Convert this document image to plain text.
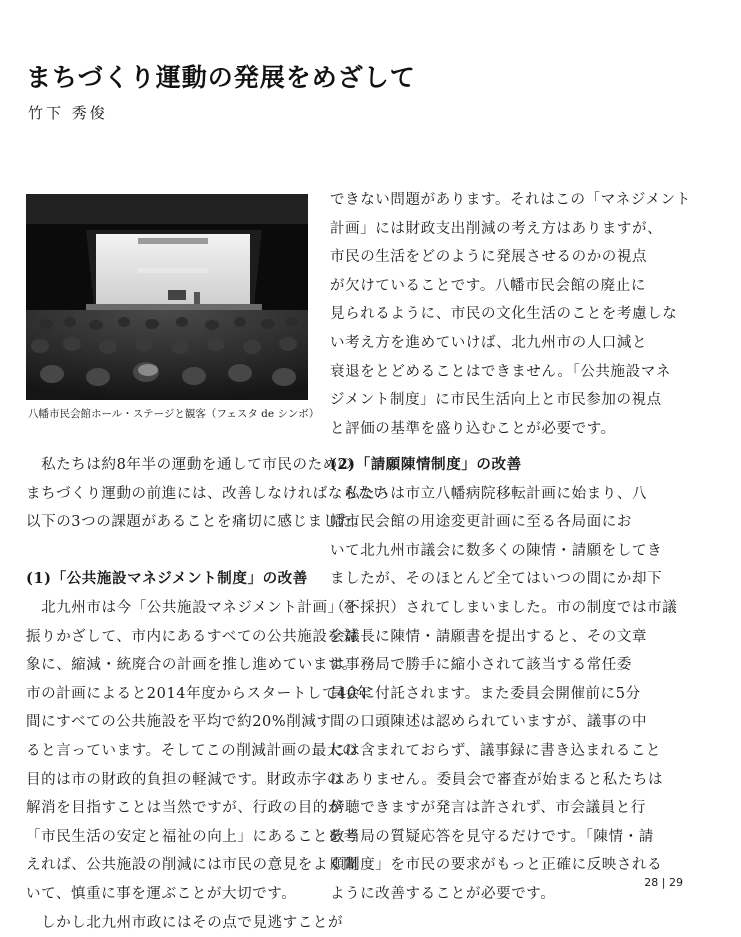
まちづくり運動の発展をめざして
竹下 秀俊
八幡市民会館ホール・ステージと観客（フェスタ de シンボ）

できない問題があります。それはこの「マネジメント

計画」には財政支出削減の考え方はありますが、

市民の生活をどのように発展させるのかの視点

が欠けていることです。八幡市民会館の廃止に

見られるように、市民の文化生活のことを考慮しな

い考え方を進めていけば、北九州市の人口減と

衰退をとどめることはできません。「公共施設マネ

ジメント制度」に市民生活向上と市民参加の視点

と評価の基準を盛り込むことが必要です。

　私たちは約8年半の運動を通して市民のための

まちづくり運動の前進には、改善しなければならない

以下の3つの課題があることを痛切に感じました。

(1)「公共施設マネジメント制度」の改善

　北九州市は今「公共施設マネジメント計画」を

振りかざして、市内にあるすべての公共施設を対

象に、縮減・統廃合の計画を推し進めています。

市の計画によると2014年度からスタートして40年

間にすべての公共施設を平均で約20%削減す

ると言っています。そしてこの削減計画の最大の

目的は市の財政的負担の軽減です。財政赤字の

解消を目指すことは当然ですが、行政の目的が

「市民生活の安定と福祉の向上」にあることを考

えれば、公共施設の削減には市民の意見をよく聞

いて、慎重に事を運ぶことが大切です。

　しかし北九州市政にはその点で見逃すことが

(2)「請願陳情制度」の改善

　私たちは市立八幡病院移転計画に始まり、八

幡市民会館の用途変更計画に至る各局面にお

いて北九州市議会に数多くの陳情・請願をしてき

ましたが、そのほとんど全てはいつの間にか却下

（不採択）されてしまいました。市の制度では市議

会議長に陳情・請願書を提出すると、その文章

は事務局で勝手に縮小されて該当する常任委

員会に付託されます。また委員会開催前に5分

間の口頭陳述は認められていますが、議事の中

には含まれておらず、議事録に書き込まれること

はありません。委員会で審査が始まると私たちは

傍聴できますが発言は許されず、市会議員と行

政当局の質疑応答を見守るだけです。「陳情・請

願制度」を市民の要求がもっと正確に反映される

ように改善することが必要です。

28 | 29
